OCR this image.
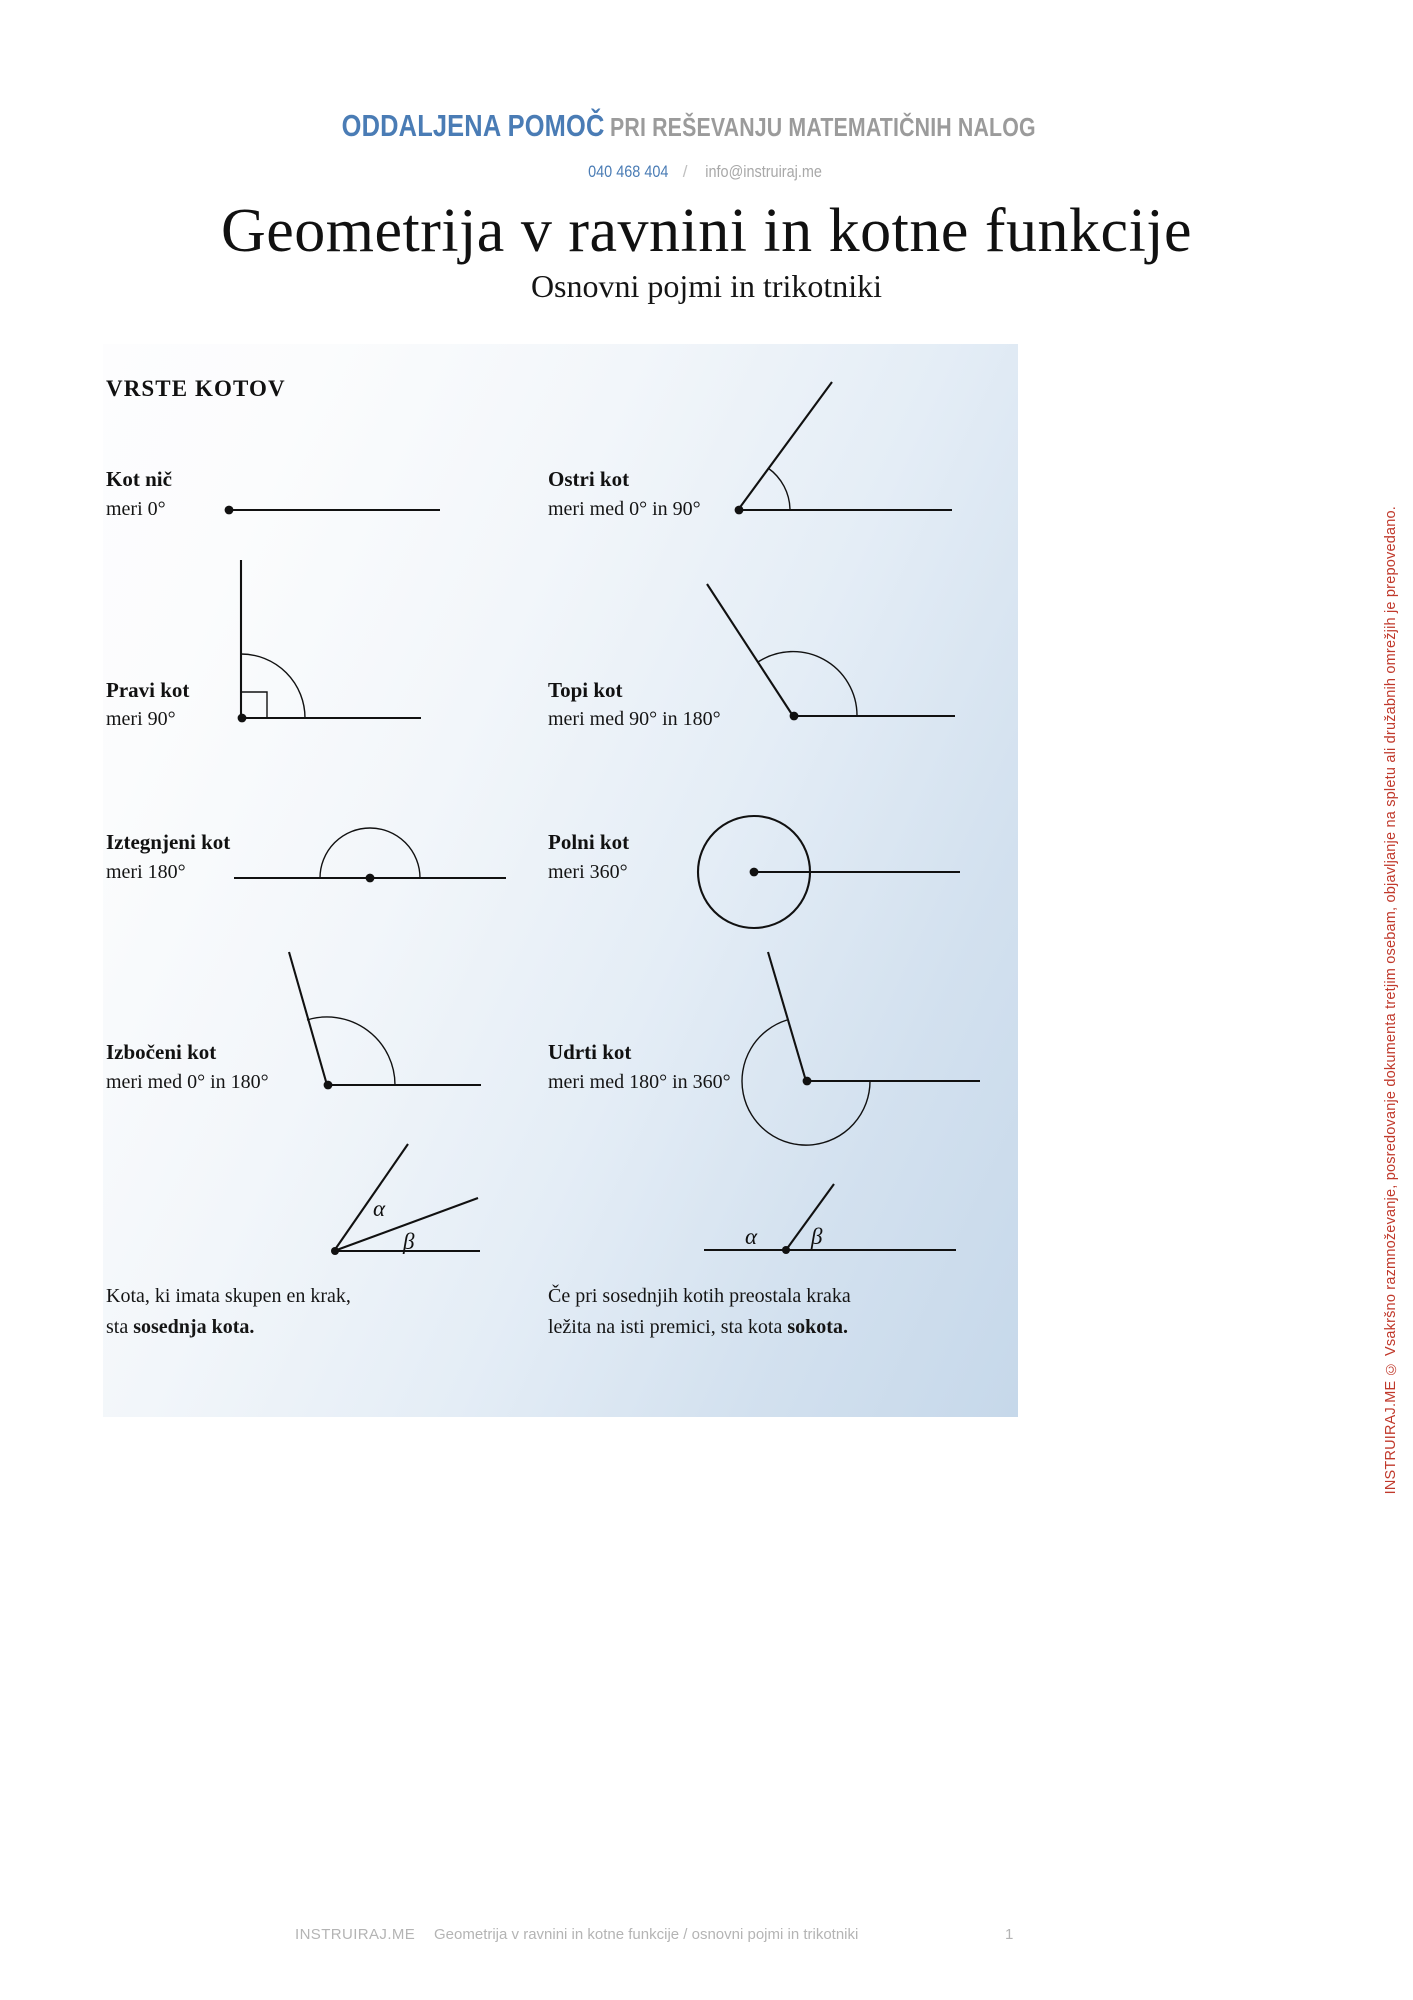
ODDALJENA POMOČ PRI REŠEVANJU MATEMATIČNIH NALOG
040 468 404 / info@instruiraj.me
Geometrija v ravnini in kotne funkcije
Osnovni pojmi in trikotniki
VRSTE KOTOV
Kot nič
meri 0°
Ostri kot
meri med 0° in 90°
Pravi kot
meri 90°
Topi kot
meri med 90° in 180°
Iztegnjeni kot
meri 180°
Polni kot
meri 360°
Izbočeni kot
meri med 0° in 180°
Udrti kot
meri med 180° in 360°
α
β	α β
Kota, ki imata skupen en krak,
sta sosednja kota.
Če pri sosednjih kotih preostala kraka
ležita na isti premici, sta kota sokota.	INSTRUIRAJ.ME © Vsakršno razmnoževanje, posredovanje dokumenta tretjim osebam, objavljanje na spletu ali družabnih omrežjih je prepovedano.
INSTRUIRAJ.ME Geometrija v ravnini in kotne funkcije / osnovni pojmi in trikotniki	1
